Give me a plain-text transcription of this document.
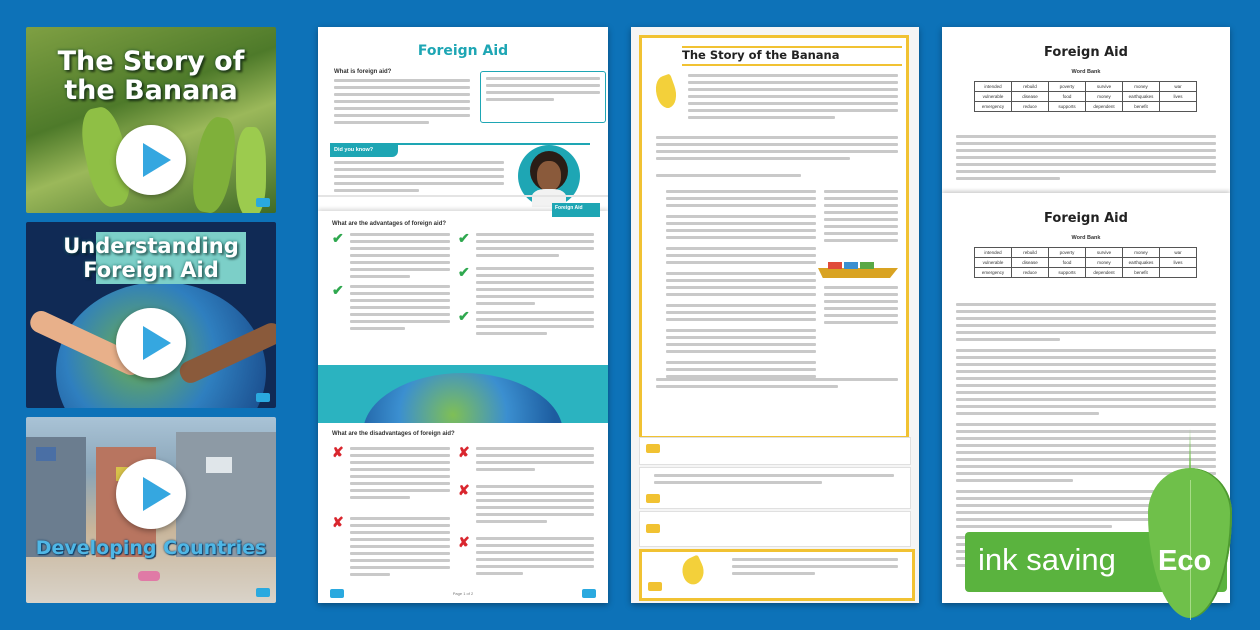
The Story of
the Banana
Understanding
Foreign Aid
Developing Countries
Foreign Aid
What is foreign aid?
Did you know?
Foreign Aid
What are the advantages of foreign aid?
✔
✔
✔
✔
✔
What are the disadvantages of foreign aid?
✘
✘
✘
✘
✘
Page 1 of 2
The Story of the Banana	Foreign Aid
Word Bank
intended	rebuild	poverty	survive	money	war
vulnerable	disease	food	money	earthquakes	lives
emergency	reduce	supports	dependent	benefit	
Foreign Aid
Word Bank
intended	rebuild	poverty	survive	money	war
vulnerable	disease	food	money	earthquakes	lives
emergency	reduce	supports	dependent	benefit	
ink saving Eco
